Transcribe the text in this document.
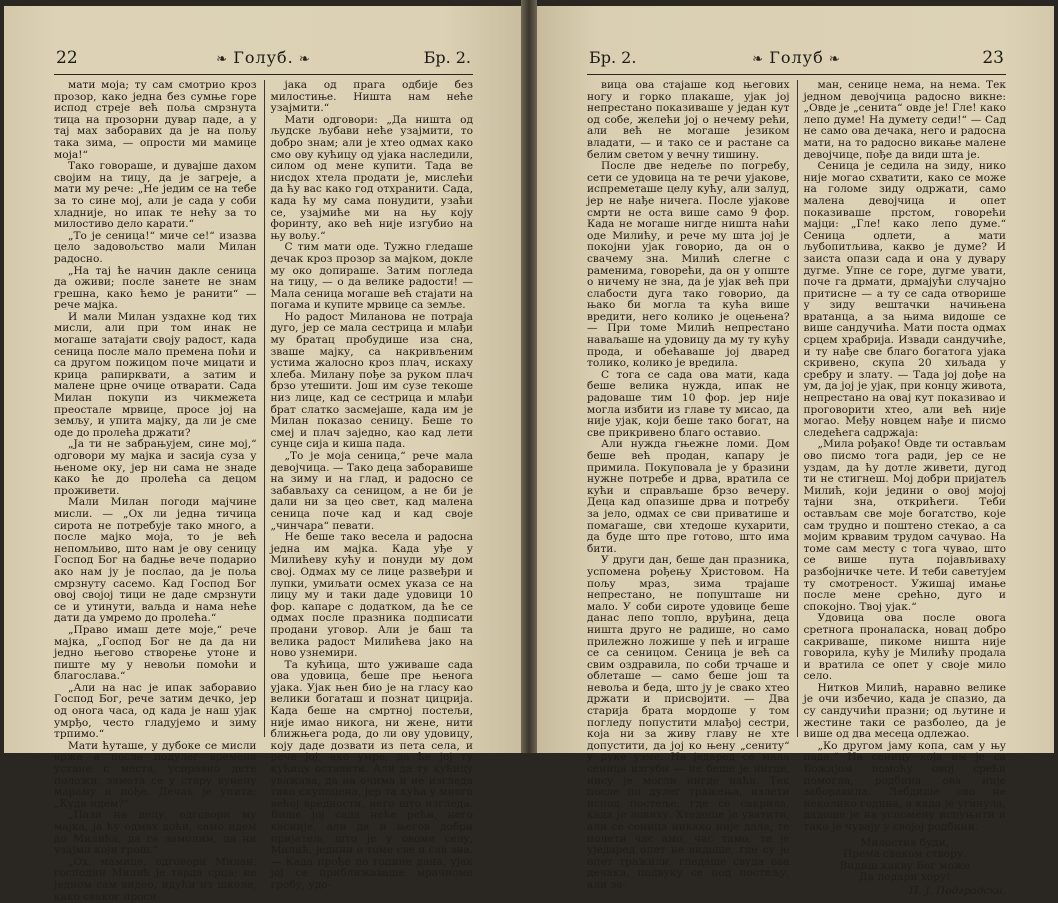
22	❧ Голуб. ❧	Бр. 2.

мати моја; ту сам смотрио кроз прозор, како једна без сумње горе испод стреје већ поља смрзнута тица на прозорни дувар паде, а у тај мах заборавих да је на пољу така зима, — опрости ми мамице моја!“

Тако говораше, и дувајше дахом својим на тицу, да је загреје, а мати му рече: „Не једим се на тебе за то сине мој, али је сада у соби хладније, но ипак те нећу за то милостиво дело карати.“

„То је сеница!“ миче се!“ изазва цело задовољство мали Милан радосно.

„На тај ће начин дакле сеница да оживи; после занете не знам грешна, како ћемо је ранити“ — рече мајка.

И мали Милан уздахне код тих мисли, али при том инак не могаше затајати своју радост, када сеница после мало премена поћи и са другом пожицом поче мицати и крица рапирквати, а затим и малене црне очице отварати. Сада Милан покупи из чикмежета преостале мрвице, просе јој на земљу, и упита мајку, да ли је сме оде до пролећа држати?

„Ја ти не забрањујем, сине мој,“ одговори му мајка и засија суза у њеноме оку, јер ни сама не знаде како ће до пролећа са децом проживети.

Мали Милан погоди мајчине мисли. — „Ох ли једна тичица сирота не потребује тако много, а после мајко моја, то је већ непомљиво, што нам је ову сеницу Господ Бог на бадње вече подарио ако нам ју је послао, да је поља смрзнуту сасемо. Кад Господ Бог овој својој тици не даде смрзнути се и утинути, ваљда и нама неће дати да умремо до пролећа.“

„Право имаш дете моје,“ рече мајка, „Господ Бог не да да ни једно његово створење утоне и пиште му у невољи помоћи и благослава.“

„Али на нас је ипак заборавио Господ Бог, рече затим дечко, јер од онога часа, од када је наш ујак умрђо, често гладујемо и зиму трпимо.“

Мати ћуташе, у дубоке се мисли врже а после подулег времена устане с места, усправно дете положи, замота се у стару вунену мараму и пође. Дечак је упита: „Куда идем?“

„Пази на децу, одговори му мајка, ја ћу одмах доћи, само идем до Милића, да га замолим, да ни узајми који грош.“

„Ох, мамице, одговори Милан, господин Милић је тврда срца; не једном сам видео, идући из школе, како сваког проси-

јака од прага одбије без милостиње. Ништа нам неће узајмити.“

Мати одговори: „Да ништа од људске љубави неће узајмити, то добро знам; али је хтео одмах како смо ову кућицу од ујака наследили, силом од мене купити. Тада ве нисдох хтела продати је, мислећи да ћу вас како год отхранити. Сада, када ћу му сама понудити, узаћи се, узајмиће ми на њу коју форинту, ако већ није изгубио на њу вољу.“

С тим мати оде. Тужно гледаше дечак кроз прозор за мајком, докле му око допираше. Затим погледа на тицу, — о да велике радости! — Мала сеница могаше већ стајати на погама и купите мрвице са земље.

Но радост Миланова не потраја дуго, јер се мала сестрица и млађи му братац пробудише иза сна, зваше мајку, са накривљеним устима жалосно кроз плач, искаху хлеба. Милану пође за руком плач брзо утешити. Још им сузе текоше низ лице, кад се сестрица и млађи брат слатко засмејаше, када им је Милан показао сеницу. Беше то смеј и плач заједно, као кад лети сунце сија и киша пада.

„То је моја сеница,“ рече мала девојчица. — Тако деца заборавише на зиму и на глад, и радосно се забављаху са сеницом, а не би је дали ни за цео свет, кад малена сеница поче кад и кад своје „чинчара“ певати.

Не беше тако весела и радосна једна им мајка. Када уђе у Милићеву кућу и понуди му дом свој. Одмах му се лице развеђри и лупки, умиљати осмех указа се на лицу му и таки даде удовици 10 фор. капаре с додатком, да ће се одмах после празника подписати продани уговор. Али је баш та велика радост Милићева јако на ново узнемири.

Та кућица, што уживаше сада ова удовица, беше пре њенога ујака. Ујак њен био је на гласу као велики богаташ и познат цицрија. Када беше на смртној постељи, није имао никога, ни жене, нити ближњега рода, до ли ову удовицу, коју даде дозвати из пета села, и рече јој, ако умре, да ће јој ту кућицу оставити. Али да ту кућицу уважава, да на очима и не изгледа тако скупоцена, јер та кућа у много већој вредности, него што изгледа. Више јој сада неће рећи, него касније, али да и његов добри пријатељ, што је у овоме селу, Милић, једини о томе све и сав зна. — Када прође по године дана, ујак јој се приближаваше мрачноме гробу, удо-

Бр. 2.	❧ Голуб ❧	23

вица ова стајаше код његових ногу и горко плакаше, ујак јој непрестано показиваше у један кут од собе, желећи јој о нечему рећи, али већ не могаше језиком владати, — и тако се и растане са белим светом у вечну тишину.

После две недеље по погребу, сети се удовица на те речи ујакове, испреметаше целу кућу, али залуд, јер не нађе ничега. После ујакове смрти не оста више само 9 фор. Када не могаше нигде ништа наћи оде Милићу, и рече му шта јој је покојни ујак говорио, да он о свачему зна. Милић слегне с раменима, говорећи, да он у опште о ничему не зна, да је ујак већ при слабости дуга тако говорио, да њако би могла та кућа више вредити, него колико је оцењена? — При томе Милић непрестано наваљаше на удовицу да му ту кућу прода, и обећаваше јој дваред толико, колико је вредила.

С тога се сада ова мати, када беше велика нужда, ипак не радоваше тим 10 фор. јер није могла избити из главе ту мисао, да није ујак, који беше тако богат, на све прикривено благо оставио.

Али нужда гњежне ломи. Дом беше већ продан, капару је примила. Покуповала је у бразини нужне потребе и дрва, вратила се кући и справљаше брзо вечеру. Деца кад опазише дрва и потребу за јело, одмах се сви приватише и помагаше, сви хтедоше кухарити, да буде што пре готово, што има бити.

У други дан, беше дан празника, успомена рођењу Христовом. На пољу мраз, зима трајаше непрестано, не попушташе ни мало. У соби сироте удовице беше данас лепо топло, вруђина, деца ништа друго не радише, но само прилежно ложише у пећ и играше се са сеницом. Сеница је већ са свим оздравила, по соби трчаше и облеташе — само беше још та невоља и беда, што ју је свако хтео држати и присвојити. — Два старија брата мордоше у том погледу попустити млађој сестри, која ни за живу главу не хте допустити, да јој ко њену „сениту“ у руке узме. На једаред се мала сеница изгуби — не беше је нигде, нису је могли нигде наћи. Тек после по дулег тражења, излети испод постеље, где се сакрила, када је ловиху. Хтедоше је уватити, али се сеница никако није дала, те полети час амо, час тамо, те је уједаред опет не видоше, где су је опет тражили, гледаше свуда ова дечака, подвуку се под постељу, али за-

ман, сенице нема, на нема. Тек једном девојчица радосно викне: „Овде је „сенита“ овде је! Гле! како лепо думе! На думету седи!“ — Сад не само ова дечака, него и радосна мати, на то радосно викање малене девојчице, пође да види шта је.

Сеница је седила на зиду, нико није могао схватити, како се може на голоме зиду одржати, само малена девојчица и опет показиваше прстом, говорећи мајци: „Гле! како лепо думе.“ Сеница одлети, а мати љубопитљива, какво је думе? И заиста опази сада и она у дувару дугме. Упне се горе, дугме увати, поче га дрмати, дрмајући случајно притисне — а ту се сада отворише у зиду вештачки начињена вратанца, а за њима видоше се више сандучића. Мати поста одмах срцем храбрија. Извади сандучиће, и ту нађе све благо богатога ујака скривено, скупа 20 хиљада у сребру и злату. — Тада јој дође на ум, да јој је ујак, при концу живота, непрестано на овај кут показивао и проговорити хтео, али већ није могао. Међу новцем нађе и писмо следећега садржаја:

„Мила рођако! Овде ти остављам ово писмо тога ради, јер се не уздам, да ћу дотле живети, дугод ти не стигнеш. Мој добри пријатељ Милић, који једини о овој мојој тајни зна, открићеги. Теби остављам све моје богатство, које сам трудно и поштено стекао, а са мојим крвавим трудом сачувао. На томе сам месту с тога чувао, што се више пута појављиваху разбојничке чете. И теби саветујем ту смотреност. Ужишај имање после мене срећно, дуго и спокојно. Твој ујак.“

Удовица ова после овога сретнога проналаска, новац добро сакриваше, пикоме ништа није говорила, кућу је Милићу продала и вратила се опет у своје мило село.

Нитков Милић, наравно велике је очи избечио, када је спазио, да су сандучићи празни; од љутине и жестине таки се разболео, да је више од два месеца одлежао.

„Ко другом јаму копа, сам у њу пада.“ На сеницу која им је са Божијом помоћу овој срећи помогла, родбина ова није заборавила. Лебдише ово не неколико година, а када је угинула, дадоше је на успомену испуњити и тако је чувају у својој родбини.

Милостив буди,

Према сваком створу.

Видиш какву Бог може

Да подари хору!

П. Ј. Подградски.
